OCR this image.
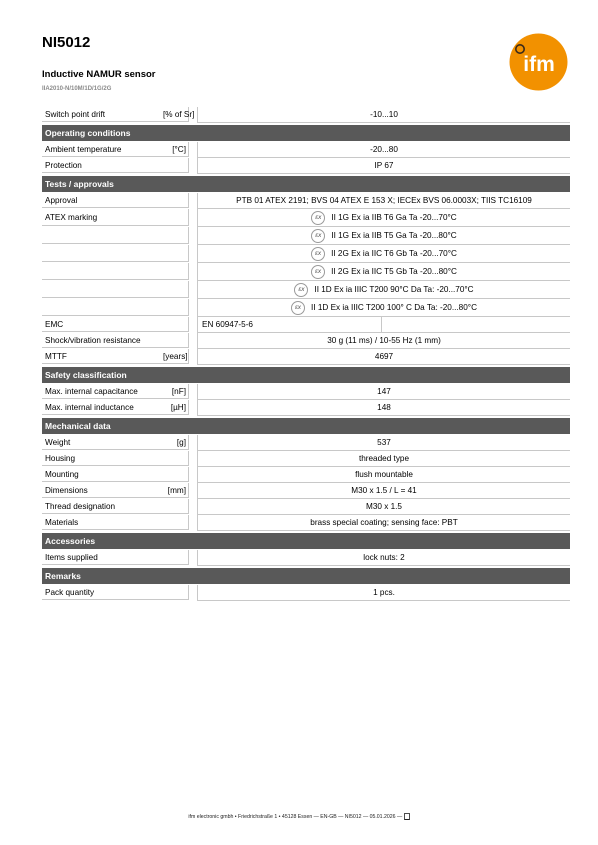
NI5012
Inductive NAMUR sensor
IIA2010-N/10M/1D/1G/2G
ifm
Switch point drift	[% of Sr]	-10...10
Operating conditions
Ambient temperature	[°C]	-20...80
Protection	IP 67
Tests / approvals
Approval	PTB 01 ATEX 2191; BVS 04 ATEX E 153 X; IECEx BVS 06.0003X; TIIS TC16109
ATEX marking	εx II 1G Ex ia IIB T6 Ga Ta -20...70°C
εx II 1G Ex ia IIB T5 Ga Ta -20...80°C
εx II 2G Ex ia IIC T6 Gb Ta -20...70°C
εx II 2G Ex ia IIC T5 Gb Ta -20...80°C
εx II 1D Ex ia IIIC T200 90°C Da Ta: -20...70°C
εx II 1D Ex ia IIIC T200 100° C Da Ta: -20...80°C
EMC	EN 60947-5-6
Shock/vibration resistance	30 g (11 ms) / 10-55 Hz (1 mm)
MTTF	[years]	4697
Safety classification
Max. internal capacitance	[nF]	147
Max. internal inductance	[µH]	148
Mechanical data
Weight	[g]	537
Housing	threaded type
Mounting	flush mountable
Dimensions	[mm]	M30 x 1.5 / L = 41
Thread designation	M30 x 1.5
Materials	brass special coating; sensing face: PBT
Accessories
Items supplied	lock nuts: 2
Remarks
Pack quantity	1 pcs.
ifm electronic gmbh • Friedrichstraße 1 • 45128 Essen — EN-GB — NI5012 — 05.01.2026 —
